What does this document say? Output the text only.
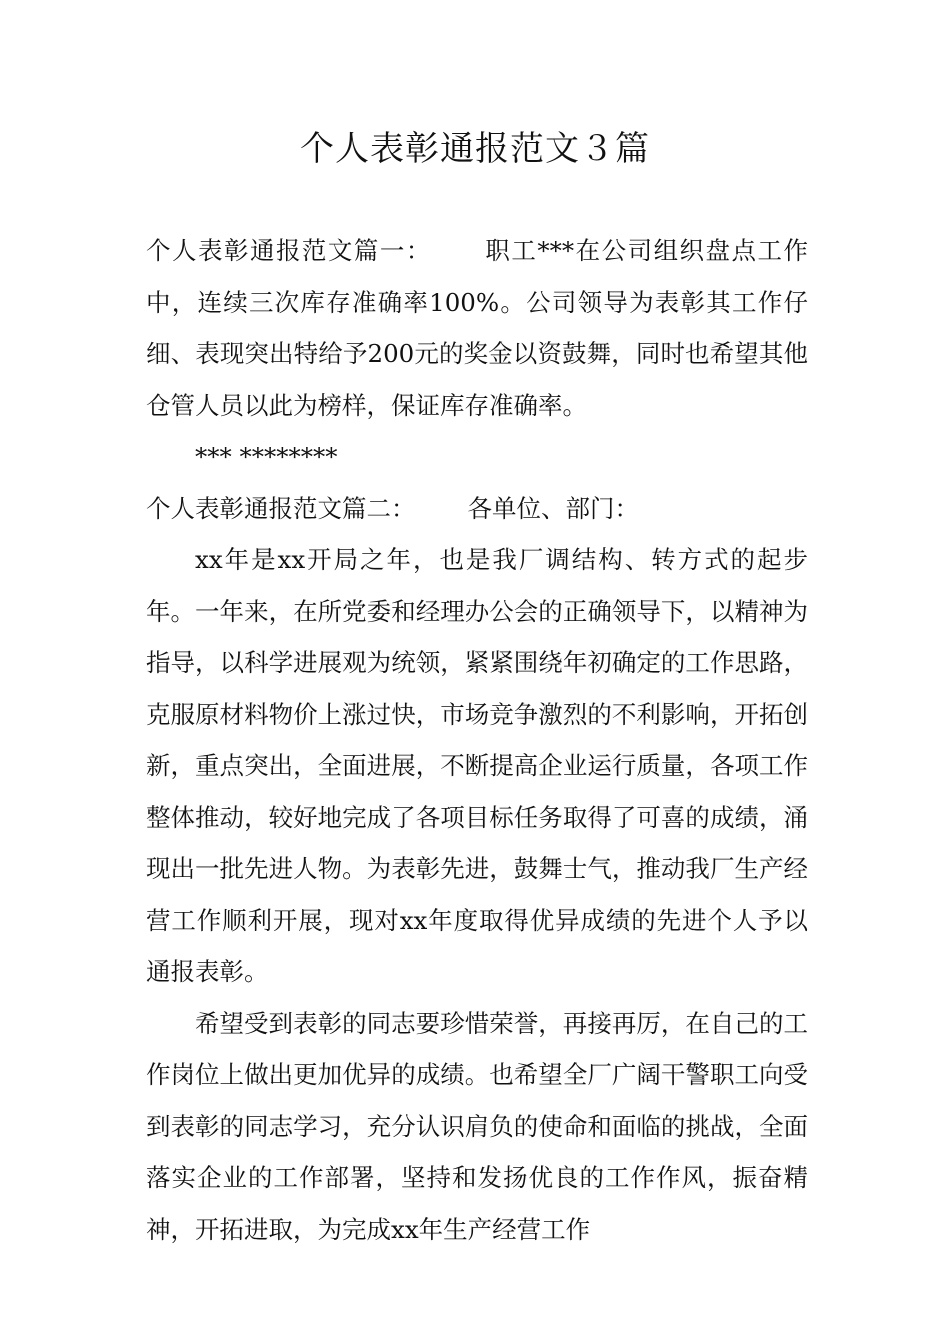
个人表彰通报范文３篇

个人表彰通报范文篇一： 职工***在公司组织盘点工作中，连续三次库存准确率100%。公司领导为表彰其工作仔细、表现突出特给予200元的奖金以资鼓舞，同时也希望其他仓管人员以此为榜样，保证库存准确率。

*** ********

个人表彰通报范文篇二： 各单位、部门：

xx年是xx开局之年，也是我厂调结构、转方式的起步年。一年来，在所党委和经理办公会的正确领导下，以精神为指导，以科学进展观为统领，紧紧围绕年初确定的工作思路，克服原材料物价上涨过快，市场竞争激烈的不利影响，开拓创新，重点突出，全面进展，不断提高企业运行质量，各项工作整体推动，较好地完成了各项目标任务取得了可喜的成绩，涌现出一批先进人物。为表彰先进，鼓舞士气，推动我厂生产经营工作顺利开展，现对xx年度取得优异成绩的先进个人予以通报表彰。

希望受到表彰的同志要珍惜荣誉，再接再厉，在自己的工作岗位上做出更加优异的成绩。也希望全厂广阔干警职工向受到表彰的同志学习，充分认识肩负的使命和面临的挑战，全面落实企业的工作部署，坚持和发扬优良的工作作风，振奋精神，开拓进取，为完成xx年生产经营工作
